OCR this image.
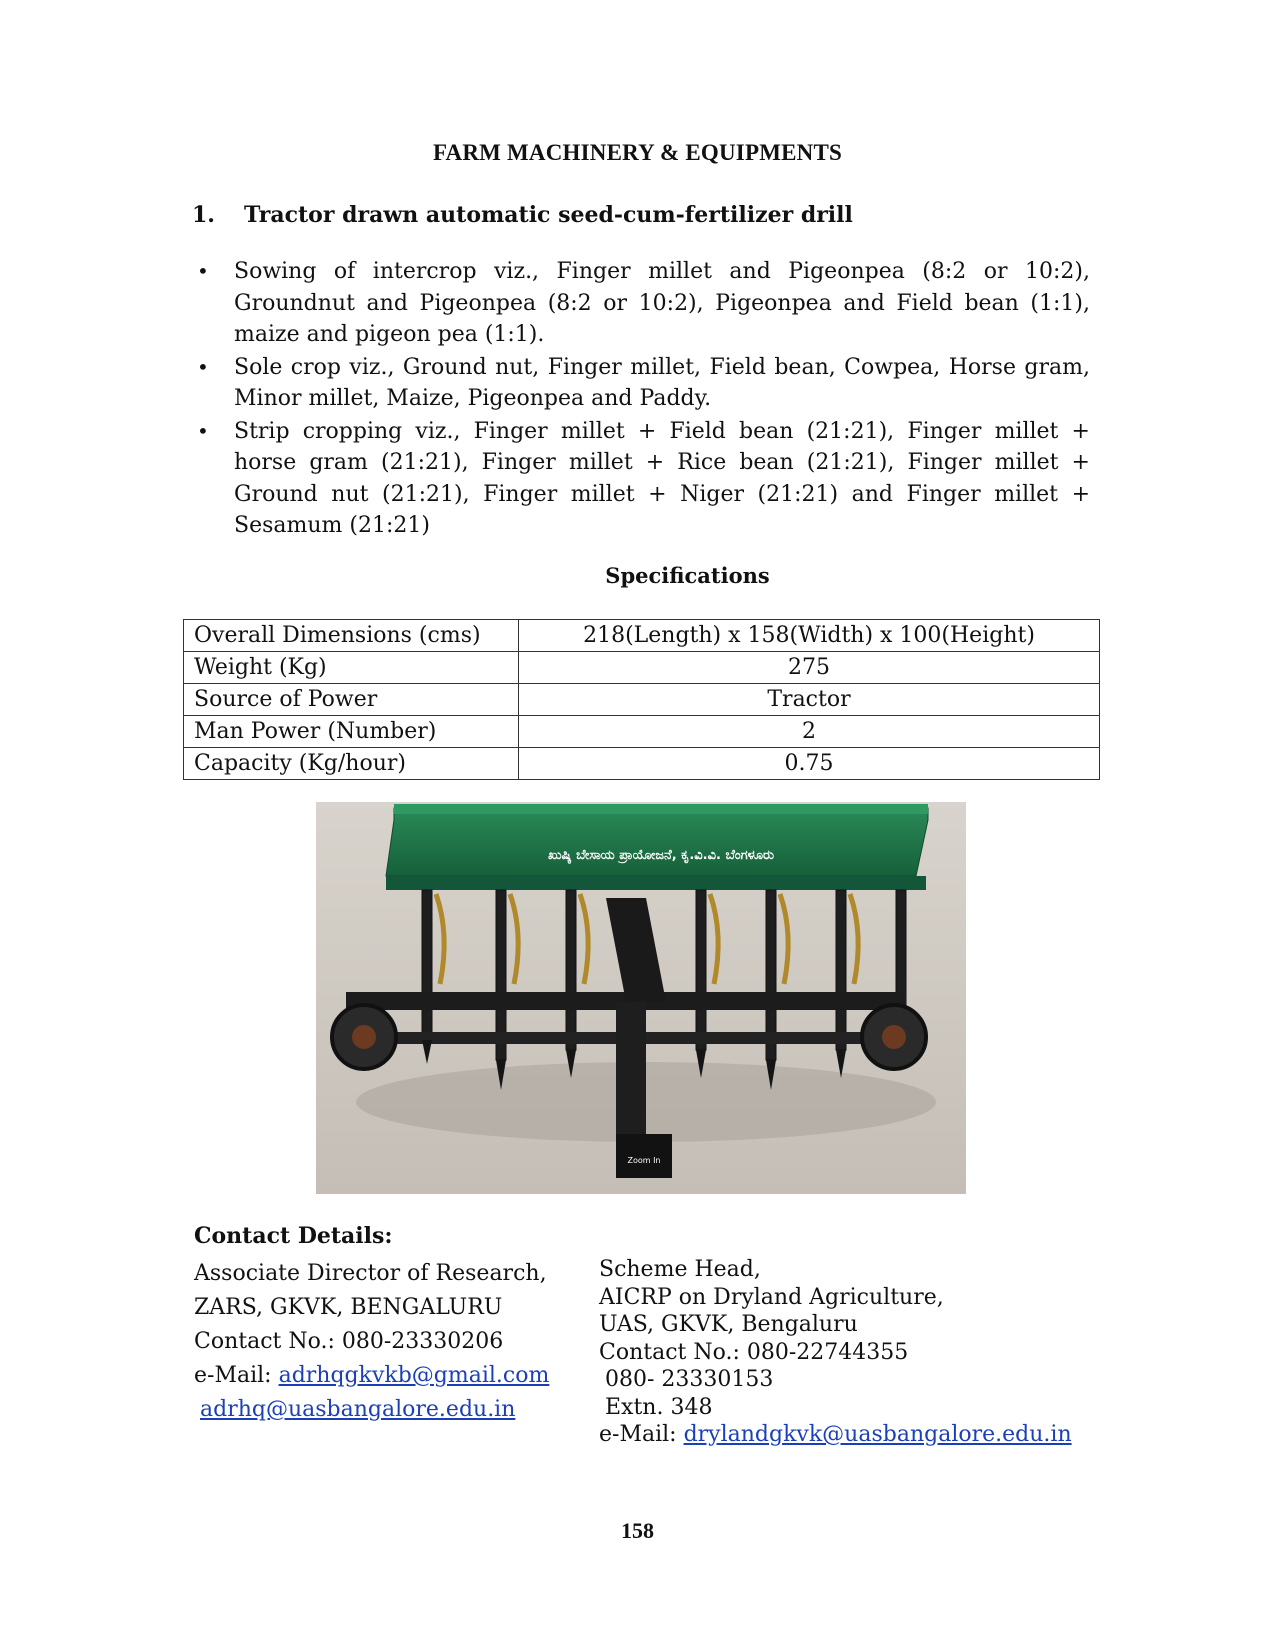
FARM MACHINERY & EQUIPMENTS
1. Tractor drawn automatic seed-cum-fertilizer drill
• Sowing of intercrop viz., Finger millet and Pigeonpea (8:2 or 10:2), Groundnut and Pigeonpea (8:2 or 10:2), Pigeonpea and Field bean (1:1), maize and pigeon pea (1:1).
• Sole crop viz., Ground nut, Finger millet, Field bean, Cowpea, Horse gram, Minor millet, Maize, Pigeonpea and Paddy.
• Strip cropping viz., Finger millet + Field bean (21:21), Finger millet + horse gram (21:21), Finger millet + Rice bean (21:21), Finger millet + Ground nut (21:21), Finger millet + Niger (21:21) and Finger millet + Sesamum (21:21)
Specifications
Overall Dimensions (cms)	218(Length) x 158(Width) x 100(Height)
Weight (Kg)	275
Source of Power	Tractor
Man Power (Number)	2
Capacity (Kg/hour)	0.75
ಖುಷ್ಕಿ ಬೇಸಾಯ ಪ್ರಾಯೋಜನೆ, ಕೃ.ವಿ.ವಿ. ಬೆಂಗಳೂರು
Zoom In
Contact Details:
Associate Director of Research,
ZARS, GKVK, BENGALURU
Contact No.: 080-23330206
e-Mail: adrhqgkvkb@gmail.com
adrhq@uasbangalore.edu.in
Scheme Head,
AICRP on Dryland Agriculture,
UAS, GKVK, Bengaluru
Contact No.: 080-22744355
080- 23330153
Extn. 348
e-Mail: drylandgkvk@uasbangalore.edu.in
158
